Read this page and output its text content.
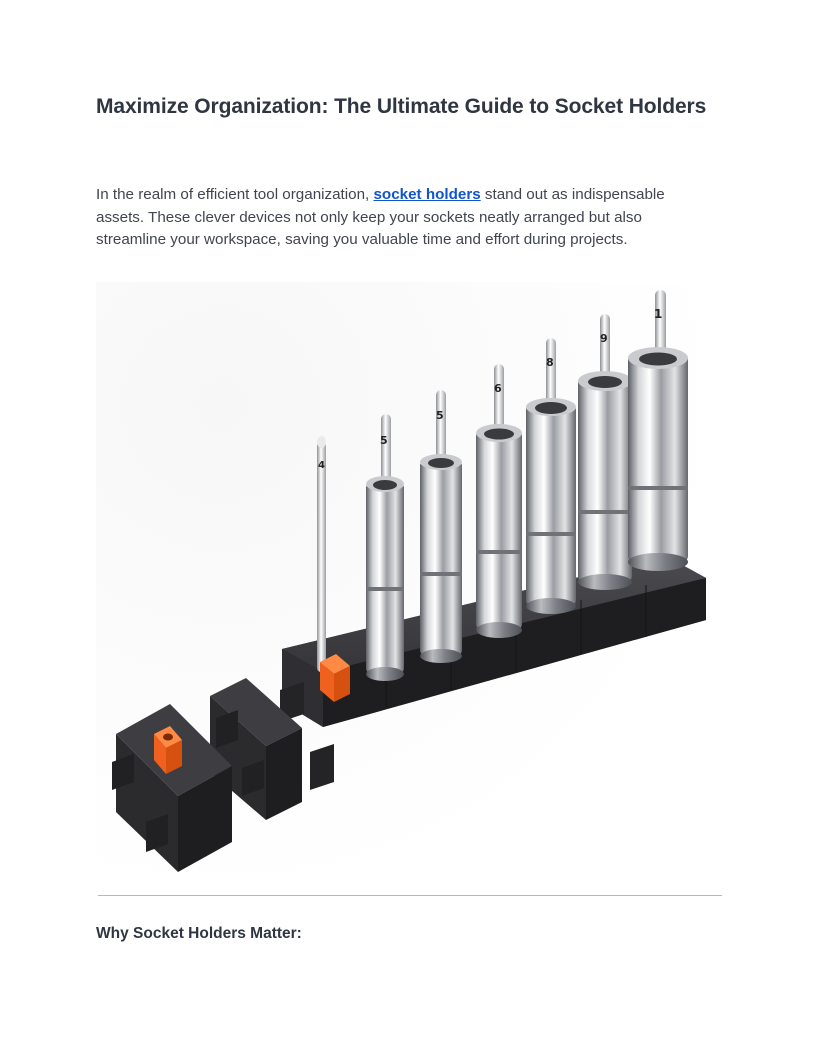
Maximize Organization: The Ultimate Guide to Socket Holders

In the realm of efficient tool organization, socket holders stand out as indispensable assets. These clever devices not only keep your sockets neatly arranged but also streamline your workspace, saving you valuable time and effort during projects.

4
5
5
6
8
9
1
Why Socket Holders Matter:
